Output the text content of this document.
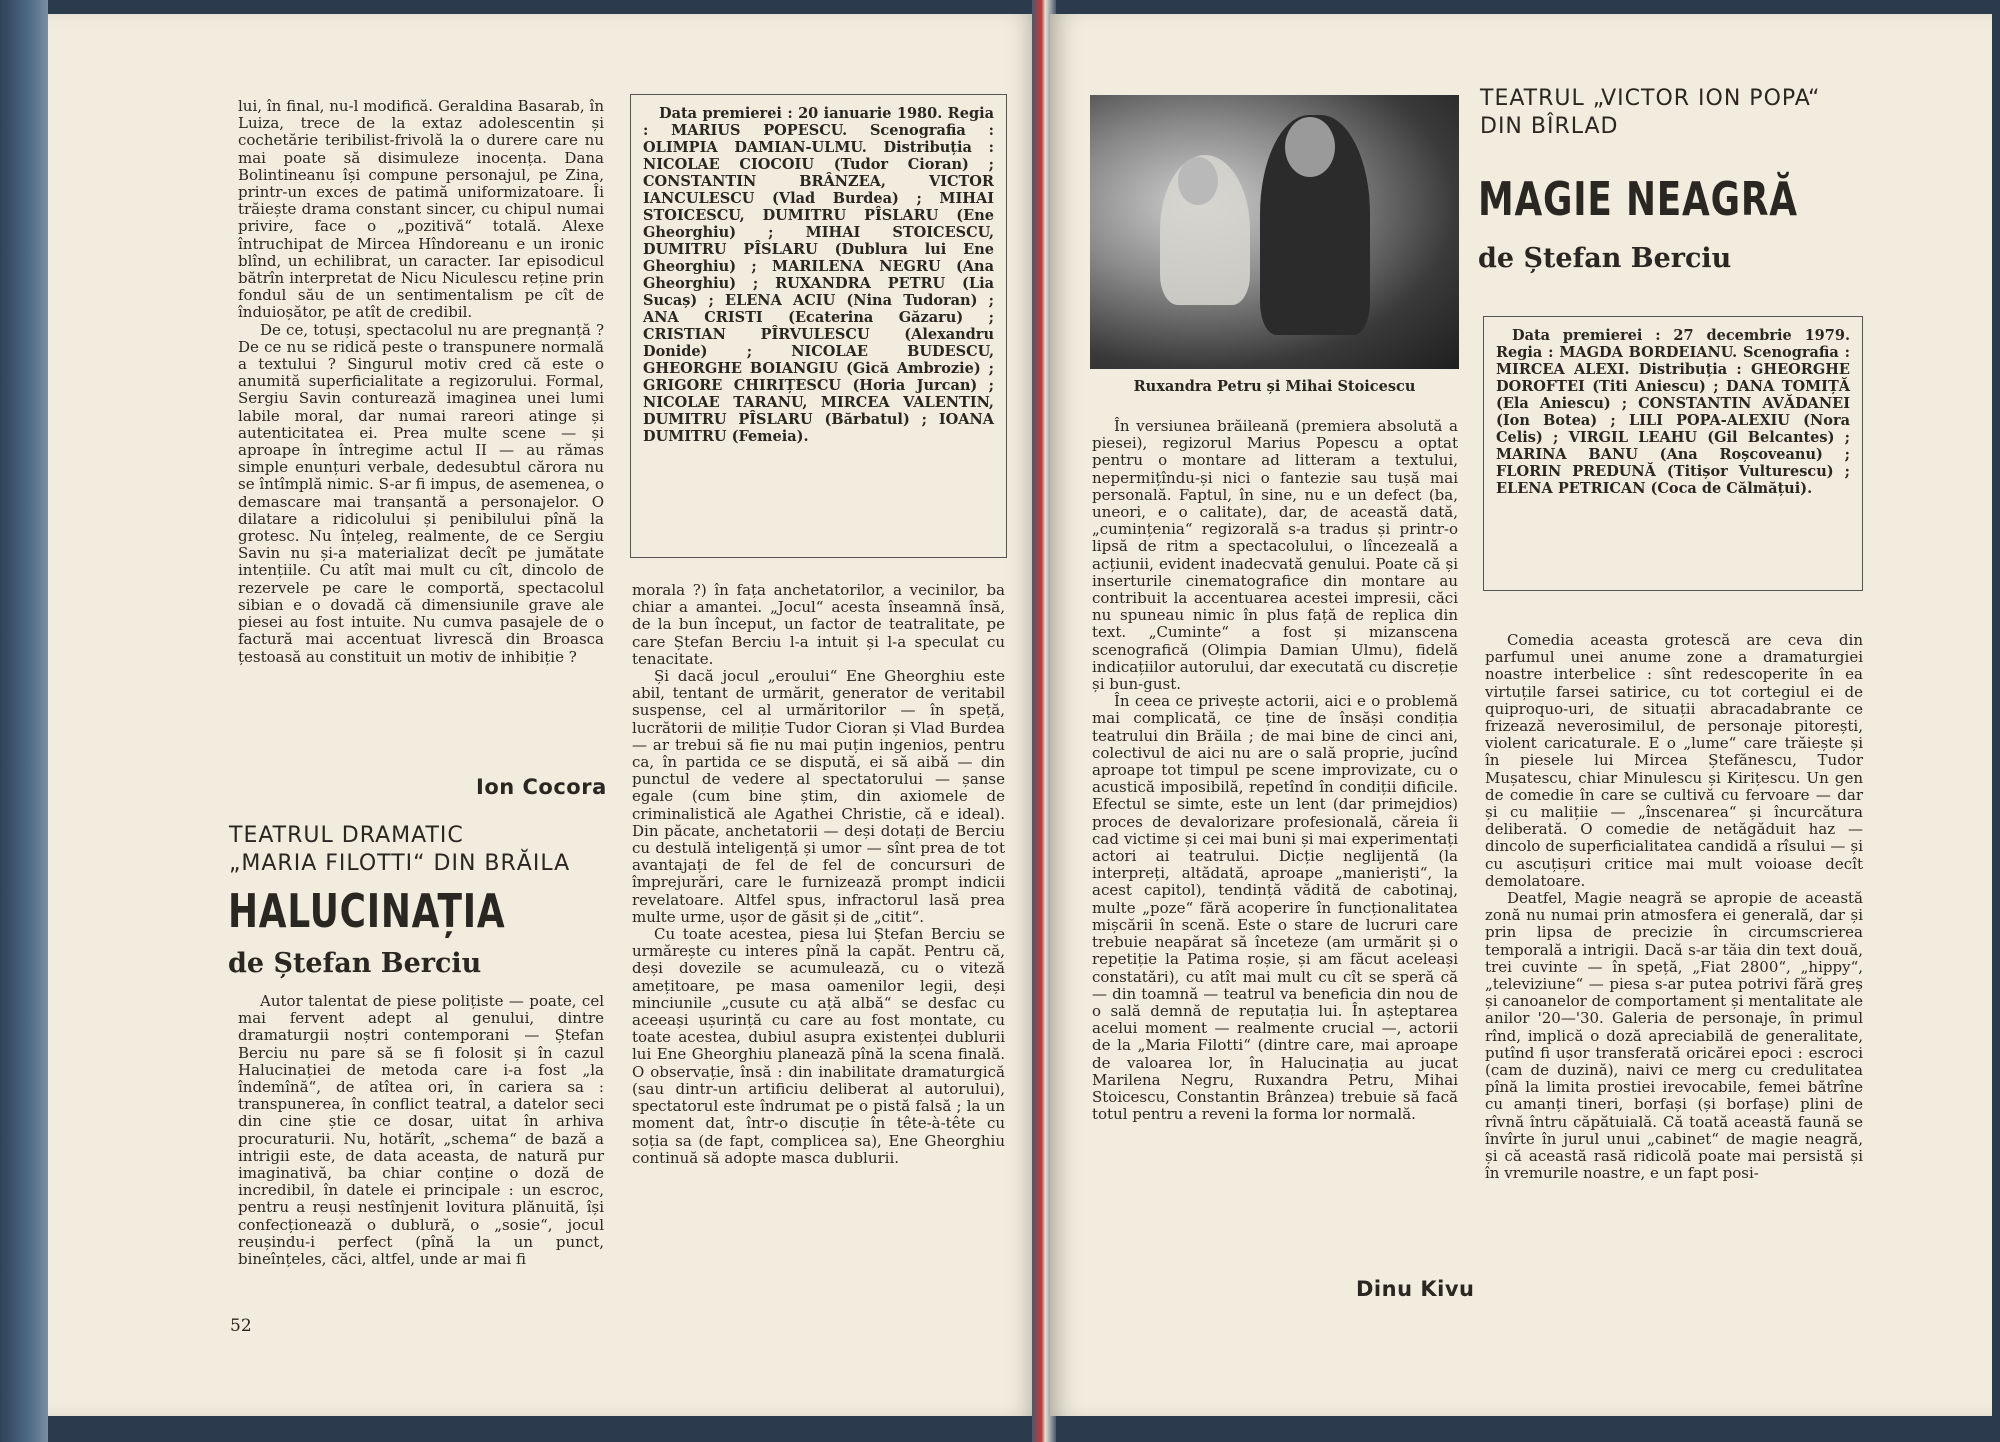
lui, în final, nu-l modifică. Geraldina Basarab, în Luiza, trece de la extaz adolescentin și cochetărie teribilist-frivolă la o durere care nu mai poate să disimuleze inocența. Dana Bolintineanu își compune personajul, pe Zina, printr-un exces de patimă uniformizatoare. Îi trăiește drama constant sincer, cu chipul numai privire, face o „pozitivă“ totală. Alexe întruchipat de Mircea Hîndoreanu e un ironic blînd, un echilibrat, un caracter. Iar episodicul bătrîn interpretat de Nicu Niculescu reține prin fondul său de un sentimentalism pe cît de înduioșător, pe atît de credibil.

De ce, totuși, spectacolul nu are pregnanță ? De ce nu se ridică peste o transpunere normală a textului ? Singurul motiv cred că este o anumită superficialitate a regizorului. Formal, Sergiu Savin conturează imaginea unei lumi labile moral, dar numai rareori atinge și autenticitatea ei. Prea multe scene — și aproape în întregime actul II — au rămas simple enunțuri verbale, dedesubtul cărora nu se întîmplă nimic. S-ar fi impus, de asemenea, o demascare mai tranșantă a personajelor. O dilatare a ridicolului și penibilului pînă la grotesc. Nu înțeleg, realmente, de ce Sergiu Savin nu și-a materializat decît pe jumătate intențiile. Cu atît mai mult cu cît, dincolo de rezervele pe care le comportă, spectacolul sibian e o dovadă că dimensiunile grave ale piesei au fost intuite. Nu cumva pasajele de o factură mai accentuat livrescă din Broasca țestoasă au constituit un motiv de inhibiție ?

Ion Cocora
TEATRUL DRAMATIC
„MARIA FILOTTI“ DIN BRĂILA
HALUCINAȚIA
de Ștefan Berciu

Autor talentat de piese polițiste — poate, cel mai fervent adept al genului, dintre dramaturgii noștri contemporani — Ștefan Berciu nu pare să se fi folosit și în cazul Halucinației de metoda care i-a fost „la îndemînă“, de atîtea ori, în cariera sa : transpunerea, în conflict teatral, a datelor seci din cine știe ce dosar, uitat în arhiva procuraturii. Nu, hotărît, „schema“ de bază a intrigii este, de data aceasta, de natură pur imaginativă, ba chiar conține o doză de incredibil, în datele ei principale : un escroc, pentru a reuși nestînjenit lovitura plănuită, își confecționează o dublură, o „sosie“, jocul reușindu-i perfect (pînă la un punct, bineînțeles, căci, altfel, unde ar mai fi

Data premierei : 20 ianuarie 1980. Regia : MARIUS POPESCU. Scenografia : OLIMPIA DAMIAN-ULMU. Distribuția : NICOLAE CIOCOIU (Tudor Cioran) ; CONSTANTIN BRÂNZEA, VICTOR IANCULESCU (Vlad Burdea) ; MIHAI STOICESCU, DUMITRU PÎSLARU (Ene Gheorghiu) ; MIHAI STOICESCU, DUMITRU PÎSLARU (Dublura lui Ene Gheorghiu) ; MARILENA NEGRU (Ana Gheorghiu) ; RUXANDRA PETRU (Lia Sucaș) ; ELENA ACIU (Nina Tudoran) ; ANA CRISTI (Ecaterina Găzaru) ; CRISTIAN PÎRVULESCU (Alexandru Donide) ; NICOLAE BUDESCU, GHEORGHE BOIANGIU (Gică Ambrozie) ; GRIGORE CHIRIȚESCU (Horia Jurcan) ; NICOLAE TARANU, MIRCEA VALENTIN, DUMITRU PÎSLARU (Bărbatul) ; IOANA DUMITRU (Femeia).

morala ?) în fața anchetatorilor, a vecinilor, ba chiar a amantei. „Jocul“ acesta înseamnă însă, de la bun început, un factor de teatralitate, pe care Ștefan Berciu l-a intuit și l-a speculat cu tenacitate.

Și dacă jocul „eroului“ Ene Gheorghiu este abil, tentant de urmărit, generator de veritabil suspense, cel al urmăritorilor — în speță, lucrătorii de miliție Tudor Cioran și Vlad Burdea — ar trebui să fie nu mai puțin ingenios, pentru ca, în partida ce se dispută, ei să aibă — din punctul de vedere al spectatorului — șanse egale (cum bine știm, din axiomele de criminalistică ale Agathei Christie, că e ideal). Din păcate, anchetatorii — deși dotați de Berciu cu destulă inteligență și umor — sînt prea de tot avantajați de fel de fel de concursuri de împrejurări, care le furnizează prompt indicii revelatoare. Altfel spus, infractorul lasă prea multe urme, ușor de găsit și de „citit“.

Cu toate acestea, piesa lui Ștefan Berciu se urmărește cu interes pînă la capăt. Pentru că, deși dovezile se acumulează, cu o viteză amețitoare, pe masa oamenilor legii, deși minciunile „cusute cu ață albă“ se desfac cu aceeași ușurință cu care au fost montate, cu toate acestea, dubiul asupra existenței dublurii lui Ene Gheorghiu planează pînă la scena finală. O observație, însă : din inabilitate dramaturgică (sau dintr-un artificiu deliberat al autorului), spectatorul este îndrumat pe o pistă falsă ; la un moment dat, într-o discuție în tête-à-tête cu soția sa (de fapt, complicea sa), Ene Gheorghiu continuă să adopte masca dublurii.

52
Ruxandra Petru și Mihai Stoicescu

În versiunea brăileană (premiera absolută a piesei), regizorul Marius Popescu a optat pentru o montare ad litteram a textului, nepermițîndu-și nici o fantezie sau tușă mai personală. Faptul, în sine, nu e un defect (ba, uneori, e o calitate), dar, de această dată, „cumințenia“ regizorală s-a tradus și printr-o lipsă de ritm a spectacolului, o lîncezeală a acțiunii, evident inadecvată genului. Poate că și inserturile cinematografice din montare au contribuit la accentuarea acestei impresii, căci nu spuneau nimic în plus față de replica din text. „Cuminte“ a fost și mizanscena scenografică (Olimpia Damian Ulmu), fidelă indicațiilor autorului, dar executată cu discreție și bun-gust.

În ceea ce privește actorii, aici e o problemă mai complicată, ce ține de însăși condiția teatrului din Brăila ; de mai bine de cinci ani, colectivul de aici nu are o sală proprie, jucînd aproape tot timpul pe scene improvizate, cu o acustică imposibilă, repetînd în condiții dificile. Efectul se simte, este un lent (dar primejdios) proces de devalorizare profesională, căreia îi cad victime și cei mai buni și mai experimentați actori ai teatrului. Dicție neglijentă (la interpreți, altădată, aproape „manieriști“, la acest capitol), tendință vădită de cabotinaj, multe „poze“ fără acoperire în funcționalitatea mișcării în scenă. Este o stare de lucruri care trebuie neapărat să înceteze (am urmărit și o repetiție la Patima roșie, și am făcut aceleași constatări), cu atît mai mult cu cît se speră că — din toamnă — teatrul va beneficia din nou de o sală demnă de reputația lui. În așteptarea acelui moment — realmente crucial —, actorii de la „Maria Filotti“ (dintre care, mai aproape de valoarea lor, în Halucinația au jucat Marilena Negru, Ruxandra Petru, Mihai Stoicescu, Constantin Brânzea) trebuie să facă totul pentru a reveni la forma lor normală.

Dinu Kivu
TEATRUL „VICTOR ION POPA“
DIN BÎRLAD
MAGIE NEAGRĂ
de Ștefan Berciu

Data premierei : 27 decembrie 1979. Regia : MAGDA BORDEIANU. Scenografia : MIRCEA ALEXI. Distribuția : GHEORGHE DOROFTEI (Titi Aniescu) ; DANA TOMIȚĂ (Ela Aniescu) ; CONSTANTIN AVĂDANEI (Ion Botea) ; LILI POPA-ALEXIU (Nora Celis) ; VIRGIL LEAHU (Gil Belcantes) ; MARINA BANU (Ana Roșcoveanu) ; FLORIN PREDUNĂ (Titișor Vulturescu) ; ELENA PETRICAN (Coca de Călmățui).

Comedia aceasta grotescă are ceva din parfumul unei anume zone a dramaturgiei noastre interbelice : sînt redescoperite în ea virtuțile farsei satirice, cu tot cortegiul ei de quiproquo-uri, de situații abracadabrante ce frizează neverosimilul, de personaje pitorești, violent caricaturale. E o „lume“ care trăiește și în piesele lui Mircea Ștefănescu, Tudor Mușatescu, chiar Minulescu și Kirițescu. Un gen de comedie în care se cultivă cu fervoare — dar și cu malițiie — „înscenarea“ și încurcătura deliberată. O comedie de netăgăduit haz — dincolo de superficialitatea candidă a rîsului — și cu ascuțișuri critice mai mult voioase decît demolatoare.

Deatfel, Magie neagră se apropie de această zonă nu numai prin atmosfera ei generală, dar și prin lipsa de precizie în circumscrierea temporală a intrigii. Dacă s-ar tăia din text două, trei cuvinte — în speță, „Fiat 2800“, „hippy“, „televiziune“ — piesa s-ar putea potrivi fără greș și canoanelor de comportament și mentalitate ale anilor '20—'30. Galeria de personaje, în primul rînd, implică o doză apreciabilă de generalitate, putînd fi ușor transferată oricărei epoci : escroci (cam de duzină), naivi ce merg cu credulitatea pînă la limita prostiei irevocabile, femei bătrîne cu amanți tineri, borfași (și borfașe) plini de rîvnă întru căpătuială. Că toată această faună se învîrte în jurul unui „cabinet“ de magie neagră, și că această rasă ridicolă poate mai persistă și în vremurile noastre, e un fapt posi-
